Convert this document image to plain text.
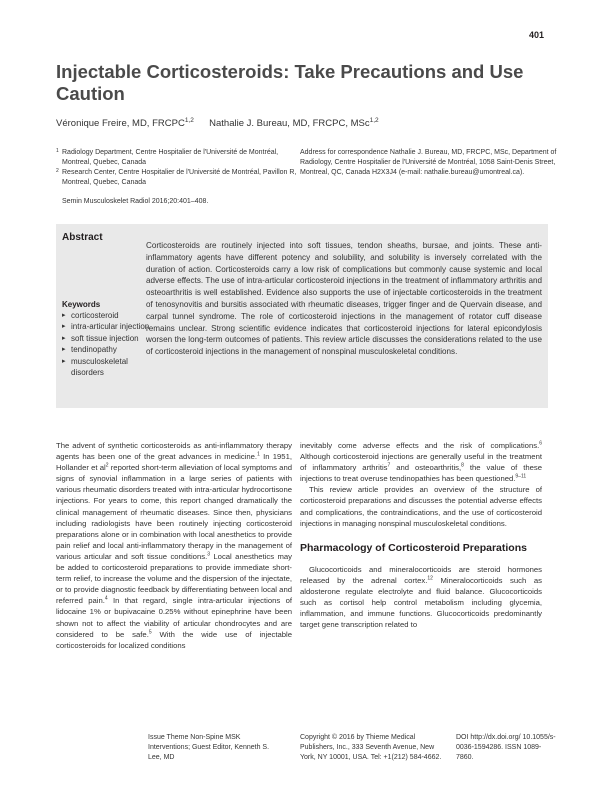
401
Injectable Corticosteroids: Take Precautions and Use Caution
Véronique Freire, MD, FRCPC$^{1,2}$ Nathalie J. Bureau, MD, FRCPC, MSc$^{1,2}$

1 Radiology Department, Centre Hospitalier de l'Université de Montréal, Montreal, Quebec, Canada

2 Research Center, Centre Hospitalier de l'Université de Montréal, Pavillon R, Montreal, Quebec, Canada

Address for correspondence Nathalie J. Bureau, MD, FRCPC, MSc, Department of Radiology, Centre Hospitalier de l'Université de Montréal, 1058 Saint-Denis Street, Montreal, QC, Canada H2X3J4 (e-mail: nathalie.bureau@umontreal.ca).

Semin Musculoskelet Radiol 2016;20:401–408.
Abstract
Corticosteroids are routinely injected into soft tissues, tendon sheaths, bursae, and joints. These anti-inflammatory agents have different potency and solubility, and solubility is inversely correlated with the duration of action. Corticosteroids carry a low risk of complications but commonly cause systemic and local adverse effects. The use of intra-articular corticosteroid injections in the treatment of inflammatory arthritis and osteoarthritis is well established. Evidence also supports the use of injectable corticosteroids in the treatment of tenosynovitis and bursitis associated with rheumatic diseases, trigger finger and de Quervain disease, and carpal tunnel syndrome. The role of corticosteroid injections in the management of rotator cuff disease remains unclear. Strong scientific evidence indicates that corticosteroid injections for lateral epicondylosis worsen the long-term outcomes of patients. This review article discusses the considerations related to the use of corticosteroid injections in the management of nonspinal musculoskeletal conditions.
Keywords
▸ corticosteroid
▸ intra-articular injection
▸ soft tissue injection
▸ tendinopathy
▸ musculoskeletal disorders
The advent of synthetic corticosteroids as anti-inflammatory therapy agents has been one of the great advances in medicine.$^1$ In 1951, Hollander et $al^2$ reported short-term alleviation of local symptoms and signs of synovial inflammation in a large series of patients with various rheumatic disorders treated with intra-articular hydrocortisone injections. For years to come, this report changed dramatically the clinical management of rheumatic diseases. Since then, physicians including radiologists have been routinely injecting corticosteroid preparations alone or in combination with local anesthetics to provide pain relief and local anti-inflammatory therapy in the management of various articular and soft tissue conditions.$^3$ Local anesthetics may be added to corticosteroid preparations to provide immediate short-term relief, to increase the volume and the dispersion of the injectate, or to provide diagnostic feedback by differentiating between local and referred pain.$^4$ In that regard, single intra-articular injections of lidocaine 1% or bupivacaine 0.25% without epinephrine have been shown not to affect the viability of articular chondrocytes and are considered to be safe.$^5$ With the wide use of injectable corticosteroids for localized conditions

inevitably come adverse effects and the risk of complications.$^6$ Although corticosteroid injections are generally useful in the treatment of inflammatory arthritis$^7$ and osteoarthritis,$^8$ the value of these injections to treat overuse tendinopathies has been questioned.$^{9-11}$

This review article provides an overview of the structure of corticosteroid preparations and discusses the potential adverse effects and complications, the contraindications, and the use of corticosteroid injections in managing nonspinal musculoskeletal conditions.

Pharmacology of Corticosteroid Preparations

Glucocorticoids and mineralocorticoids are steroid hormones released by the adrenal cortex.$^{12}$ Mineralocorticoids such as aldosterone regulate electrolyte and fluid balance. Glucocorticoids such as cortisol help control metabolism including glycemia, inflammation, and immune functions. Glucocorticoids predominantly target gene transcription related to

Issue Theme Non-Spine MSK Interventions; Guest Editor, Kenneth S. Lee, MD
Copyright © 2016 by Thieme Medical Publishers, Inc., 333 Seventh Avenue, New York, NY 10001, USA. Tel: +1(212) 584-4662.
DOI http://dx.doi.org/ 10.1055/s-0036-1594286. ISSN 1089-7860.
